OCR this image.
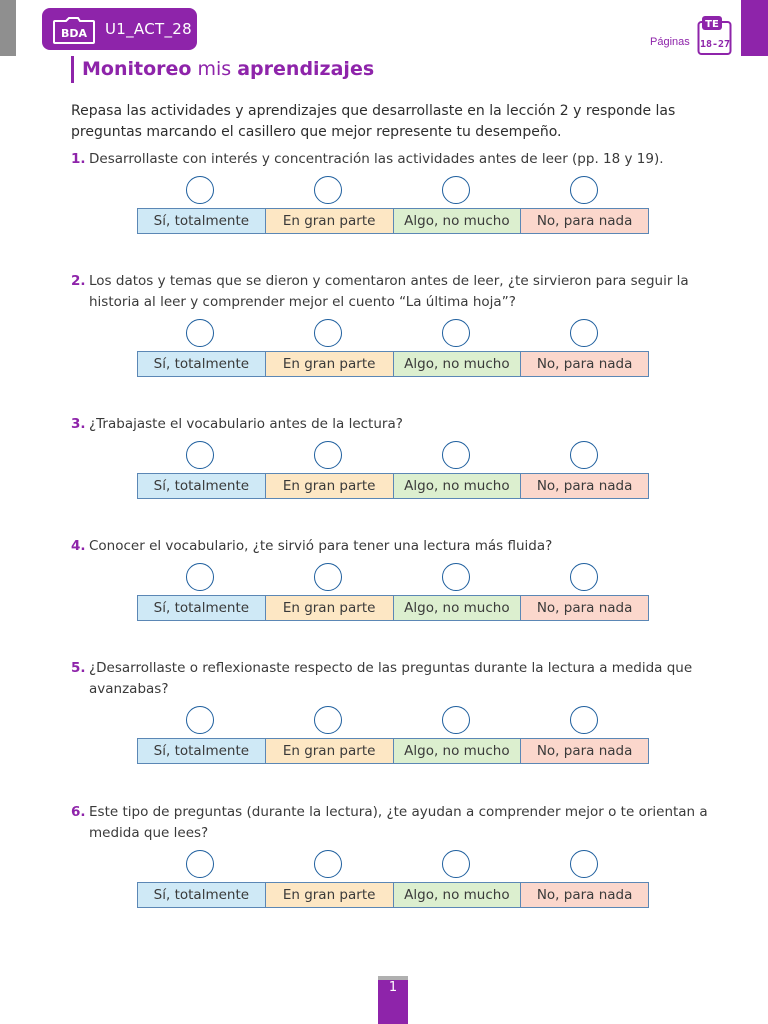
BDA U1_ACT_28
Páginas
TE
18-27
Monitoreo mis aprendizajes

Repasa las actividades y aprendizajes que desarrollaste en la lección 2 y responde las preguntas marcando el casillero que mejor represente tu desempeño.

1. Desarrollaste con interés y concentración las actividades antes de leer (pp. 18 y 19).
Sí, totalmente	En gran parte	Algo, no mucho	No, para nada
2. Los datos y temas que se dieron y comentaron antes de leer, ¿te sirvieron para seguir la historia al leer y comprender mejor el cuento “La última hoja”?
Sí, totalmente	En gran parte	Algo, no mucho	No, para nada
3. ¿Trabajaste el vocabulario antes de la lectura?
Sí, totalmente	En gran parte	Algo, no mucho	No, para nada
4. Conocer el vocabulario, ¿te sirvió para tener una lectura más fluida?
Sí, totalmente	En gran parte	Algo, no mucho	No, para nada
5. ¿Desarrollaste o reflexionaste respecto de las preguntas durante la lectura a medida que avanzabas?
Sí, totalmente	En gran parte	Algo, no mucho	No, para nada
6. Este tipo de preguntas (durante la lectura), ¿te ayudan a comprender mejor o te orientan a medida que lees?
Sí, totalmente	En gran parte	Algo, no mucho	No, para nada
1
